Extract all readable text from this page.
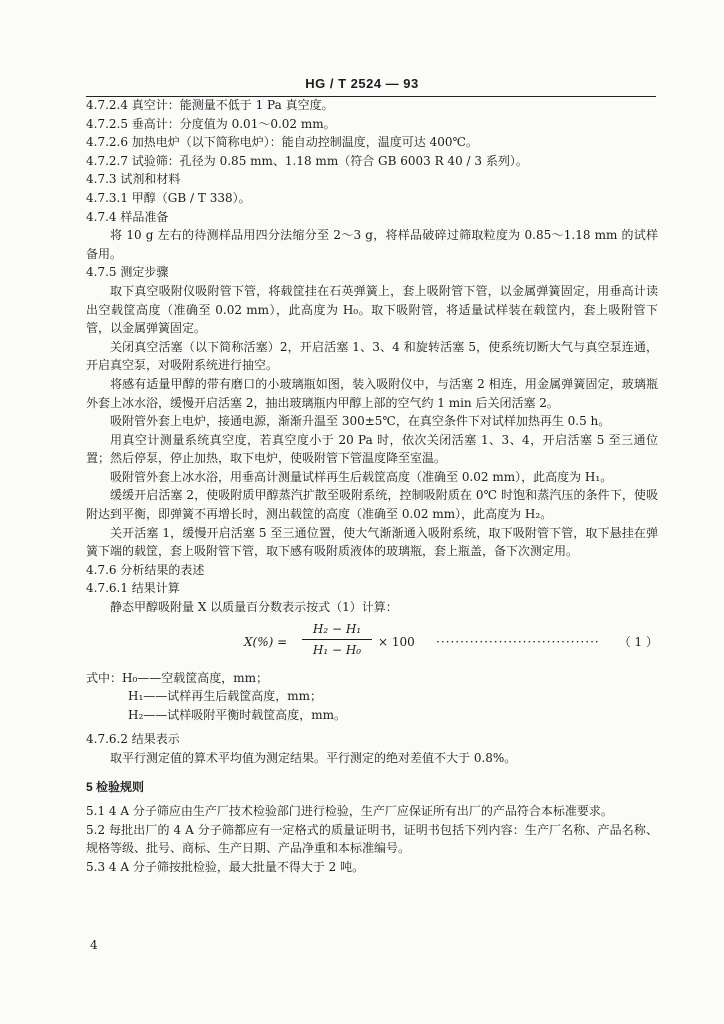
HG / T 2524 — 93
4.7.2.4 真空计：能测量不低于 1 Pa 真空度。
4.7.2.5 垂高计：分度值为 0.01～0.02 mm。
4.7.2.6 加热电炉（以下简称电炉）：能自动控制温度，温度可达 400℃。
4.7.2.7 试验筛：孔径为 0.85 mm、1.18 mm（符合 GB 6003 R 40 / 3 系列）。
4.7.3 试剂和材料
4.7.3.1 甲醇（GB / T 338）。
4.7.4 样品准备
将 10 g 左右的待测样品用四分法缩分至 2～3 g，将样品破碎过筛取粒度为 0.85～1.18 mm 的试样备用。
4.7.5 测定步骤
取下真空吸附仪吸附管下管，将载筐挂在石英弹簧上，套上吸附管下管，以金属弹簧固定，用垂高计读出空载筐高度（准确至 0.02 mm），此高度为 H₀。取下吸附管，将适量试样装在载筐内，套上吸附管下管，以金属弹簧固定。
关闭真空活塞（以下简称活塞）2，开启活塞 1、3、4 和旋转活塞 5，使系统切断大气与真空泵连通，开启真空泵，对吸附系统进行抽空。
将感有适量甲醇的带有磨口的小玻璃瓶如图，装入吸附仪中，与活塞 2 相连，用金属弹簧固定，玻璃瓶外套上冰水浴，缓慢开启活塞 2，抽出玻璃瓶内甲醇上部的空气约 1 min 后关闭活塞 2。
吸附管外套上电炉，接通电源，渐渐升温至 300±5℃，在真空条件下对试样加热再生 0.5 h。
用真空计测量系统真空度，若真空度小于 20 Pa 时，依次关闭活塞 1、3、4，开启活塞 5 至三通位置；然后停泵，停止加热，取下电炉，使吸附管下管温度降至室温。
吸附管外套上冰水浴，用垂高计测量试样再生后载筐高度（准确至 0.02 mm），此高度为 H₁。
缓缓开启活塞 2，使吸附质甲醇蒸汽扩散至吸附系统，控制吸附质在 0℃ 时饱和蒸汽压的条件下，使吸附达到平衡，即弹簧不再增长时，测出载筐的高度（准确至 0.02 mm），此高度为 H₂。
关开活塞 1，缓慢开启活塞 5 至三通位置，使大气渐渐通入吸附系统，取下吸附管下管，取下悬挂在弹簧下端的载筐，套上吸附管下管，取下感有吸附质液体的玻璃瓶，套上瓶盖，备下次测定用。
4.7.6 分析结果的表述
4.7.6.1 结果计算
静态甲醇吸附量 X 以质量百分数表示按式（1）计算：
$X(\%) = \frac{\text{H₂ − H₁}}{\text{H₁ − H₀}} \times 100$ ·································· （ 1 ）
式中：H₀——空载筐高度，mm；
H₁——试样再生后载筐高度，mm；
H₂——试样吸附平衡时载筐高度，mm。
4.7.6.2 结果表示
取平行测定值的算术平均值为测定结果。平行测定的绝对差值不大于 0.8%。
5 检验规则
5.1 4 A 分子筛应由生产厂技术检验部门进行检验，生产厂应保证所有出厂的产品符合本标准要求。
5.2 每批出厂的 4 A 分子筛都应有一定格式的质量证明书，证明书包括下列内容：生产厂名称、产品名称、规格等级、批号、商标、生产日期、产品净重和本标准编号。
5.3 4 A 分子筛按批检验，最大批量不得大于 2 吨。
4
